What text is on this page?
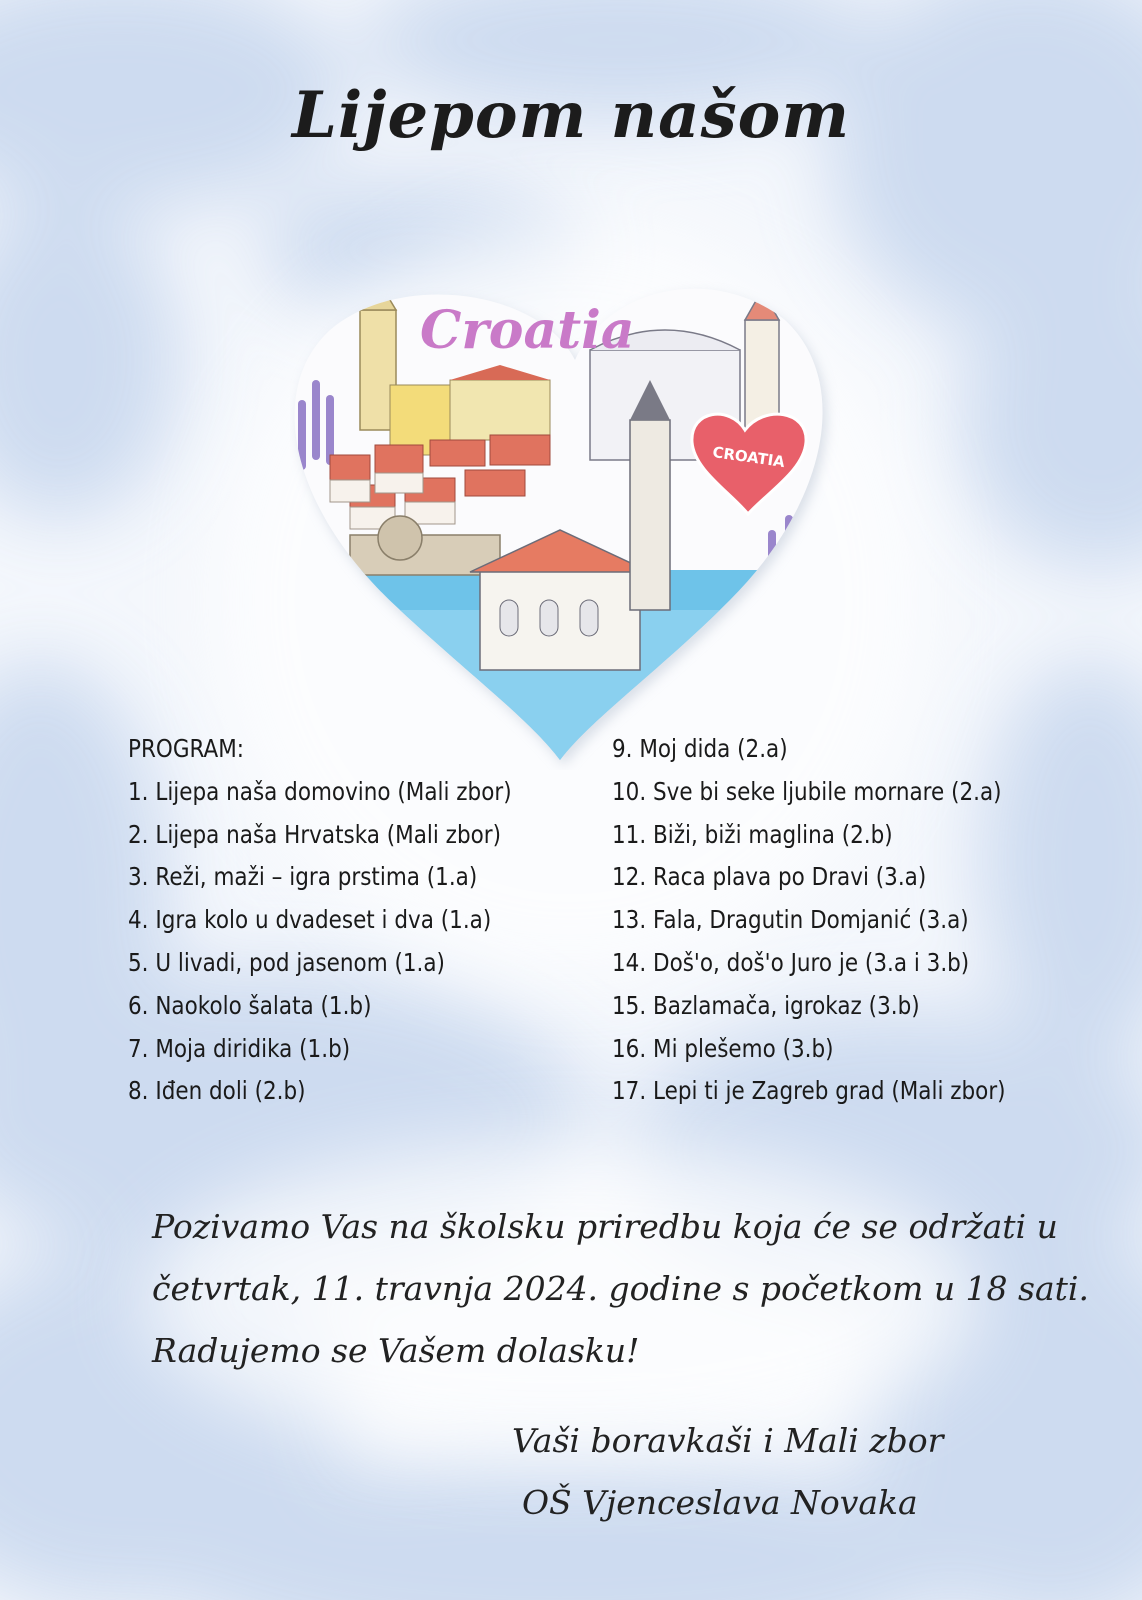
Lijepom našom
Croatia
CROATIA
PROGRAM:
1. Lijepa naša domovino (Mali zbor)
2. Lijepa naša Hrvatska (Mali zbor)
3. Reži, maži – igra prstima (1.a)
4. Igra kolo u dvadeset i dva (1.a)
5. U livadi, pod jasenom (1.a)
6. Naokolo šalata (1.b)
7. Moja diridika (1.b)
8. Iđen doli (2.b)
9. Moj dida (2.a)
10. Sve bi seke ljubile mornare (2.a)
11. Biži, biži maglina (2.b)
12. Raca plava po Dravi (3.a)
13. Fala, Dragutin Domjanić (3.a)
14. Doš'o, doš'o Juro je (3.a i 3.b)
15. Bazlamača, igrokaz (3.b)
16. Mi plešemo (3.b)
17. Lepi ti je Zagreb grad (Mali zbor)
Pozivamo Vas na školsku priredbu koja će se održati u
četvrtak, 11. travnja 2024. godine s početkom u 18 sati.
Radujemo se Vašem dolasku!
Vaši boravkaši i Mali zbor
OŠ Vjenceslava Novaka
